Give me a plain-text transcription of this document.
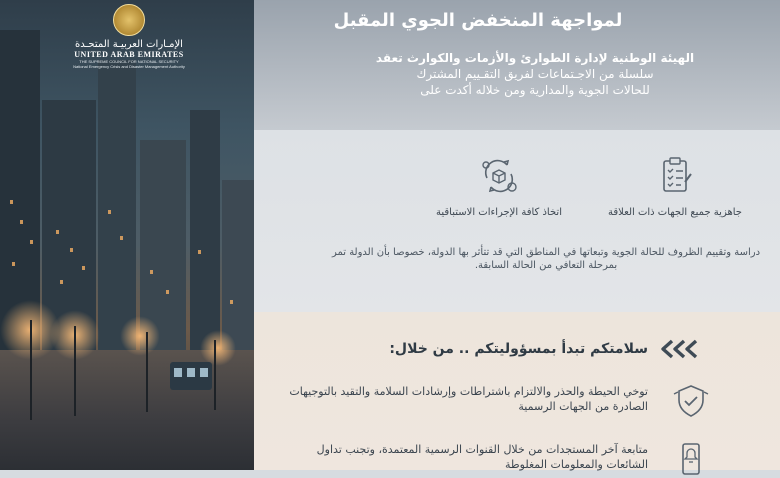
الإمـارات العربيـة المتحـدة
UNITED ARAB EMIRATES
THE SUPREME COUNCIL FOR NATIONAL SECURITY
National Emergency Crisis and Disaster Management Authority
لمواجهة المنخفض الجوي المقبل
الهيئة الوطنية لإدارة الطوارئ والأزمات والكوارث تعقد
سلسلة من الاجـتماعات لفريق التقـييم المشترك
للحالات الجوية والمدارية ومن خلاله أكدت على
جاهزية جميع الجهات ذات العلاقة
اتخاذ كافة الإجراءات الاستباقية
دراسة وتقييم الظروف للحالة الجوية وتبعاتها في المناطق التي قد تتأثر بها الدولة، خصوصا بأن الدولة تمر بمرحلة التعافي من الحالة السابقة.
سلامتكم تبدأ بمسؤوليتكم .. من خلال:
توخي الحيطة والحذر والالتزام باشتراطات وإرشادات السلامة والتقيد بالتوجيهات الصادرة من الجهات الرسمية
متابعة آخر المستجدات من خلال القنوات الرسمية المعتمدة، وتجنب تداول الشائعات والمعلومات المغلوطة
